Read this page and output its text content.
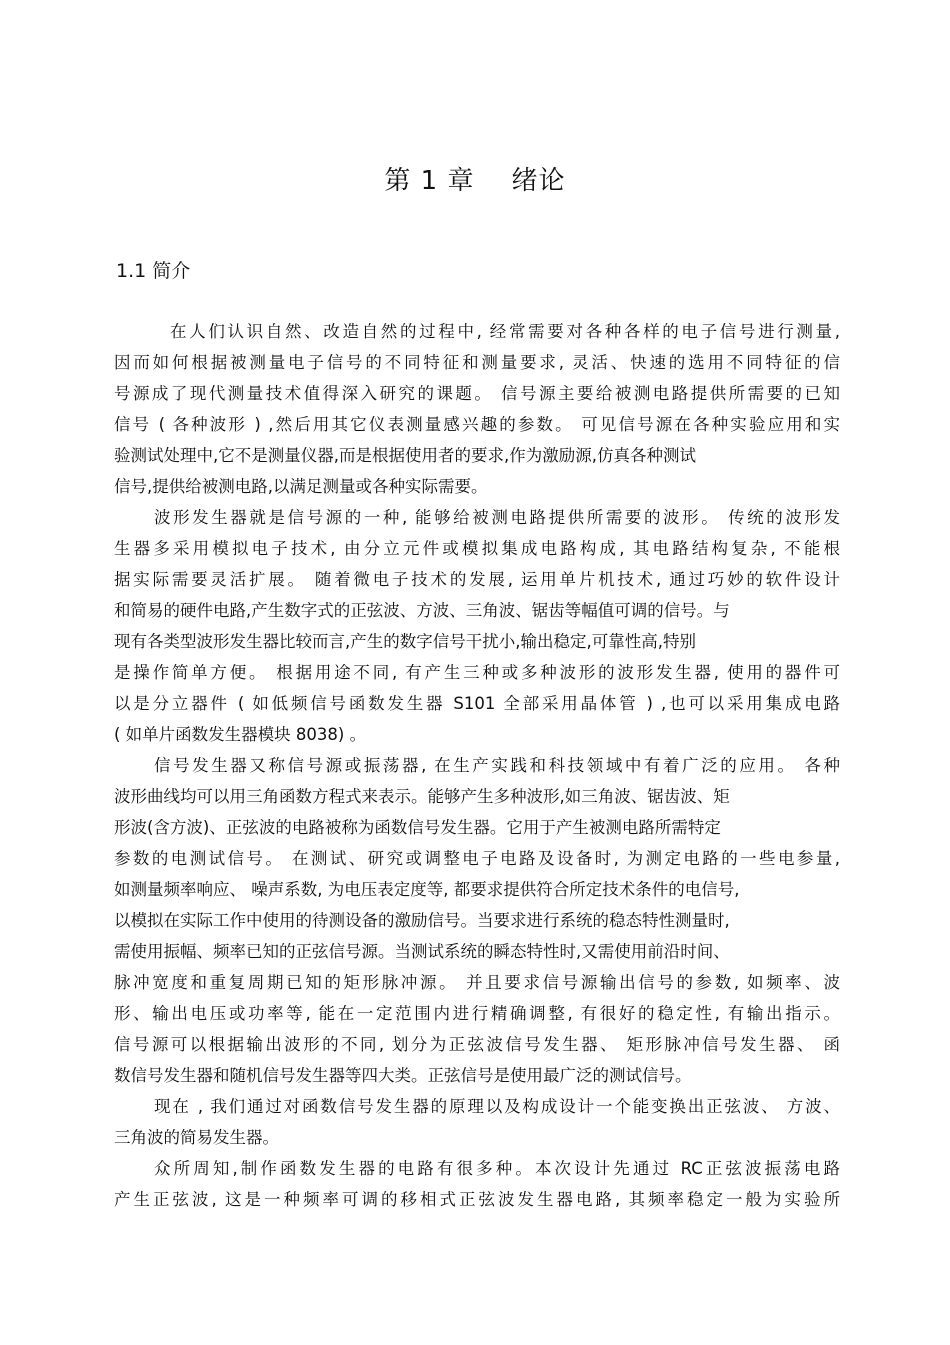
第 1 章    绪论
1.1 简介
在人们认识自然、改造自然的过程中, 经常需要对各种各样的电子信号进行测量,
因而如何根据被测量电子信号的不同特征和测量要求, 灵活、快速的选用不同特征的信
号源成了现代测量技术值得深入研究的课题。 信号源主要给被测电路提供所需要的已知
信号 ( 各种波形 ) ,然后用其它仪表测量感兴趣的参数。 可见信号源在各种实验应用和实
验测试处理中,它不是测量仪器,而是根据使用者的要求,作为激励源,仿真各种测试
信号,提供给被测电路,以满足测量或各种实际需要。
波形发生器就是信号源的一种, 能够给被测电路提供所需要的波形。 传统的波形发
生器多采用模拟电子技术, 由分立元件或模拟集成电路构成, 其电路结构复杂, 不能根
据实际需要灵活扩展。 随着微电子技术的发展, 运用单片机技术, 通过巧妙的软件设计
和简易的硬件电路,产生数字式的正弦波、方波、三角波、锯齿等幅值可调的信号。与
现有各类型波形发生器比较而言,产生的数字信号干扰小,输出稳定,可靠性高,特别
是操作简单方便。 根据用途不同, 有产生三种或多种波形的波形发生器, 使用的器件可
以是分立器件 ( 如低频信号函数发生器 S101 全部采用晶体管 ) ,也可以采用集成电路
( 如单片函数发生器模块 8038) 。
信号发生器又称信号源或振荡器, 在生产实践和科技领域中有着广泛的应用。 各种
波形曲线均可以用三角函数方程式来表示。能够产生多种波形,如三角波、锯齿波、矩
形波(含方波)、正弦波的电路被称为函数信号发生器。它用于产生被测电路所需特定
参数的电测试信号。 在测试、研究或调整电子电路及设备时, 为测定电路的一些电参量,
如测量频率响应、 噪声系数, 为电压表定度等, 都要求提供符合所定技术条件的电信号,
以模拟在实际工作中使用的待测设备的激励信号。当要求进行系统的稳态特性测量时,
需使用振幅、频率已知的正弦信号源。当测试系统的瞬态特性时,又需使用前沿时间、
脉冲宽度和重复周期已知的矩形脉冲源。 并且要求信号源输出信号的参数, 如频率、波
形、输出电压或功率等, 能在一定范围内进行精确调整, 有很好的稳定性, 有输出指示。
信号源可以根据输出波形的不同, 划分为正弦波信号发生器、 矩形脉冲信号发生器、 函
数信号发生器和随机信号发生器等四大类。正弦信号是使用最广泛的测试信号。
现在 , 我们通过对函数信号发生器的原理以及构成设计一个能变换出正弦波、 方波、
三角波的简易发生器。
众所周知,制作函数发生器的电路有很多种。本次设计先通过 RC正弦波振荡电路
产生正弦波, 这是一种频率可调的移相式正弦波发生器电路, 其频率稳定一般为实验所
